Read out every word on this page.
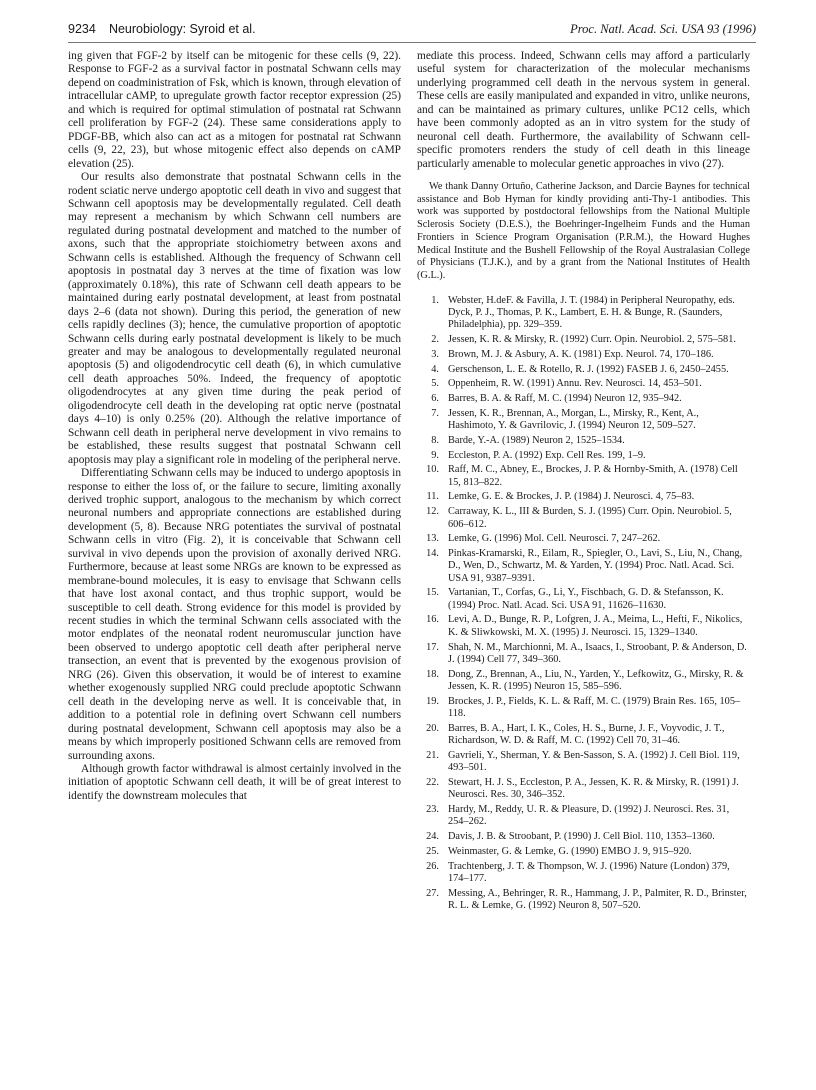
9234 Neurobiology: Syroid et al.	Proc. Natl. Acad. Sci. USA 93 (1996)

ing given that FGF-2 by itself can be mitogenic for these cells (9, 22). Response to FGF-2 as a survival factor in postnatal Schwann cells may depend on coadministration of Fsk, which is known, through elevation of intracellular cAMP, to upregulate growth factor receptor expression (25) and which is required for optimal stimulation of postnatal rat Schwann cell proliferation by FGF-2 (24). These same considerations apply to PDGF-BB, which also can act as a mitogen for postnatal rat Schwann cells (9, 22, 23), but whose mitogenic effect also depends on cAMP elevation (25).

Our results also demonstrate that postnatal Schwann cells in the rodent sciatic nerve undergo apoptotic cell death in vivo and suggest that Schwann cell apoptosis may be developmentally regulated. Cell death may represent a mechanism by which Schwann cell numbers are regulated during postnatal development and matched to the number of axons, such that the appropriate stoichiometry between axons and Schwann cells is established. Although the frequency of Schwann cell apoptosis in postnatal day 3 nerves at the time of fixation was low (approximately 0.18%), this rate of Schwann cell death appears to be maintained during early postnatal development, at least from postnatal days 2–6 (data not shown). During this period, the generation of new cells rapidly declines (3); hence, the cumulative proportion of apoptotic Schwann cells during early postnatal development is likely to be much greater and may be analogous to developmentally regulated neuronal apoptosis (5) and oligodendrocytic cell death (6), in which cumulative cell death approaches 50%. Indeed, the frequency of apoptotic oligodendrocytes at any given time during the peak period of oligodendrocyte cell death in the developing rat optic nerve (postnatal days 4–10) is only 0.25% (20). Although the relative importance of Schwann cell death in peripheral nerve development in vivo remains to be established, these results suggest that postnatal Schwann cell apoptosis may play a significant role in modeling of the peripheral nerve.

Differentiating Schwann cells may be induced to undergo apoptosis in response to either the loss of, or the failure to secure, limiting axonally derived trophic support, analogous to the mechanism by which correct neuronal numbers and appropriate connections are established during development (5, 8). Because NRG potentiates the survival of postnatal Schwann cells in vitro (Fig. 2), it is conceivable that Schwann cell survival in vivo depends upon the provision of axonally derived NRG. Furthermore, because at least some NRGs are known to be expressed as membrane-bound molecules, it is easy to envisage that Schwann cells that have lost axonal contact, and thus trophic support, would be susceptible to cell death. Strong evidence for this model is provided by recent studies in which the terminal Schwann cells associated with the motor endplates of the neonatal rodent neuromuscular junction have been observed to undergo apoptotic cell death after peripheral nerve transection, an event that is prevented by the exogenous provision of NRG (26). Given this observation, it would be of interest to examine whether exogenously supplied NRG could preclude apoptotic Schwann cell death in the developing nerve as well. It is conceivable that, in addition to a potential role in defining overt Schwann cell numbers during postnatal development, Schwann cell apoptosis may also be a means by which improperly positioned Schwann cells are removed from surrounding axons.

Although growth factor withdrawal is almost certainly involved in the initiation of apoptotic Schwann cell death, it will be of great interest to identify the downstream molecules that

mediate this process. Indeed, Schwann cells may afford a particularly useful system for characterization of the molecular mechanisms underlying programmed cell death in the nervous system in general. These cells are easily manipulated and expanded in vitro, unlike neurons, and can be maintained as primary cultures, unlike PC12 cells, which have been commonly adopted as an in vitro system for the study of neuronal cell death. Furthermore, the availability of Schwann cell-specific promoters renders the study of cell death in this lineage particularly amenable to molecular genetic approaches in vivo (27).

We thank Danny Ortuño, Catherine Jackson, and Darcie Baynes for technical assistance and Bob Hyman for kindly providing anti-Thy-1 antibodies. This work was supported by postdoctoral fellowships from the National Multiple Sclerosis Society (D.E.S.), the Boehringer-Ingelheim Funds and the Human Frontiers in Science Program Organisation (P.R.M.), the Howard Hughes Medical Institute and the Bushell Fellowship of the Royal Australasian College of Physicians (T.J.K.), and by a grant from the National Institutes of Health (G.L.).

1. Webster, H.deF. & Favilla, J. T. (1984) in Peripheral Neuropathy, eds. Dyck, P. J., Thomas, P. K., Lambert, E. H. & Bunge, R. (Saunders, Philadelphia), pp. 329–359.
2. Jessen, K. R. & Mirsky, R. (1992) Curr. Opin. Neurobiol. 2, 575–581.
3. Brown, M. J. & Asbury, A. K. (1981) Exp. Neurol. 74, 170–186.
4. Gerschenson, L. E. & Rotello, R. J. (1992) FASEB J. 6, 2450–2455.
5. Oppenheim, R. W. (1991) Annu. Rev. Neurosci. 14, 453–501.
6. Barres, B. A. & Raff, M. C. (1994) Neuron 12, 935–942.
7. Jessen, K. R., Brennan, A., Morgan, L., Mirsky, R., Kent, A., Hashimoto, Y. & Gavrilovic, J. (1994) Neuron 12, 509–527.
8. Barde, Y.-A. (1989) Neuron 2, 1525–1534.
9. Eccleston, P. A. (1992) Exp. Cell Res. 199, 1–9.
10. Raff, M. C., Abney, E., Brockes, J. P. & Hornby-Smith, A. (1978) Cell 15, 813–822.
11. Lemke, G. E. & Brockes, J. P. (1984) J. Neurosci. 4, 75–83.
12. Carraway, K. L., III & Burden, S. J. (1995) Curr. Opin. Neurobiol. 5, 606–612.
13. Lemke, G. (1996) Mol. Cell. Neurosci. 7, 247–262.
14. Pinkas-Kramarski, R., Eilam, R., Spiegler, O., Lavi, S., Liu, N., Chang, D., Wen, D., Schwartz, M. & Yarden, Y. (1994) Proc. Natl. Acad. Sci. USA 91, 9387–9391.
15. Vartanian, T., Corfas, G., Li, Y., Fischbach, G. D. & Stefansson, K. (1994) Proc. Natl. Acad. Sci. USA 91, 11626–11630.
16. Levi, A. D., Bunge, R. P., Lofgren, J. A., Meima, L., Hefti, F., Nikolics, K. & Sliwkowski, M. X. (1995) J. Neurosci. 15, 1329–1340.
17. Shah, N. M., Marchionni, M. A., Isaacs, I., Stroobant, P. & Anderson, D. J. (1994) Cell 77, 349–360.
18. Dong, Z., Brennan, A., Liu, N., Yarden, Y., Lefkowitz, G., Mirsky, R. & Jessen, K. R. (1995) Neuron 15, 585–596.
19. Brockes, J. P., Fields, K. L. & Raff, M. C. (1979) Brain Res. 165, 105–118.
20. Barres, B. A., Hart, I. K., Coles, H. S., Burne, J. F., Voyvodic, J. T., Richardson, W. D. & Raff, M. C. (1992) Cell 70, 31–46.
21. Gavrieli, Y., Sherman, Y. & Ben-Sasson, S. A. (1992) J. Cell Biol. 119, 493–501.
22. Stewart, H. J. S., Eccleston, P. A., Jessen, K. R. & Mirsky, R. (1991) J. Neurosci. Res. 30, 346–352.
23. Hardy, M., Reddy, U. R. & Pleasure, D. (1992) J. Neurosci. Res. 31, 254–262.
24. Davis, J. B. & Stroobant, P. (1990) J. Cell Biol. 110, 1353–1360.
25. Weinmaster, G. & Lemke, G. (1990) EMBO J. 9, 915–920.
26. Trachtenberg, J. T. & Thompson, W. J. (1996) Nature (London) 379, 174–177.
27. Messing, A., Behringer, R. R., Hammang, J. P., Palmiter, R. D., Brinster, R. L. & Lemke, G. (1992) Neuron 8, 507–520.
